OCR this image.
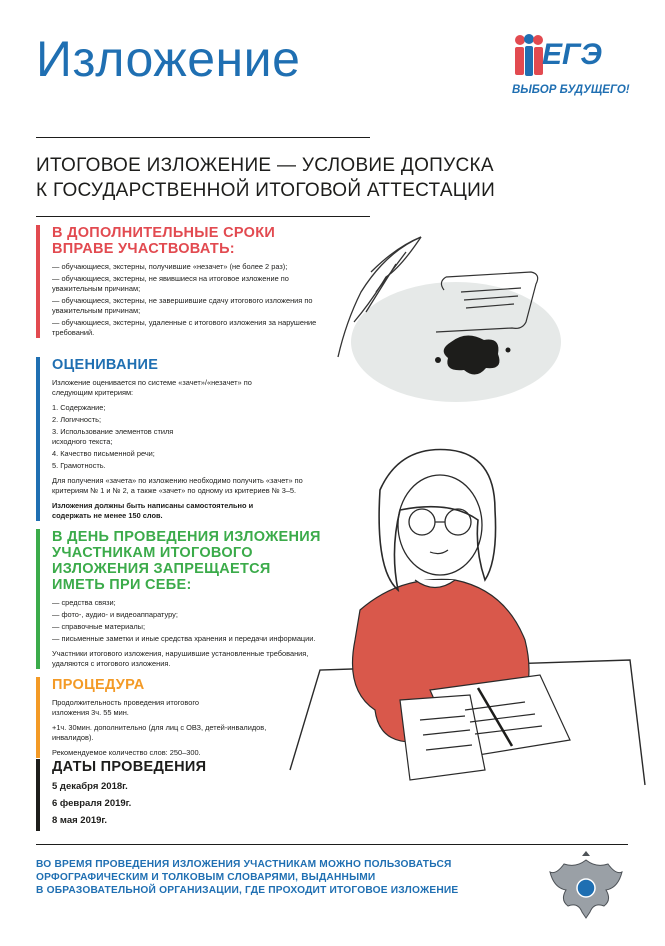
Изложение	ЕГЭ
ВЫБОР БУДУЩЕГО!
ИТОГОВОЕ ИЗЛОЖЕНИЕ — УСЛОВИЕ ДОПУСКА
К ГОСУДАРСТВЕННОЙ ИТОГОВОЙ АТТЕСТАЦИИ
В ДОПОЛНИТЕЛЬНЫЕ СРОКИ ВПРАВЕ УЧАСТВОВАТЬ:
— обучающиеся, экстерны, получившие «незачет» (не более 2 раз);
— обучающиеся, экстерны, не явившиеся на итоговое изложение по уважительным причинам;
— обучающиеся, экстерны, не завершившие сдачу итогового изложения по уважительным причинам;
— обучающиеся, экстерны, удаленные с итогового изложения за нарушение требований.
ОЦЕНИВАНИЕ
Изложение оценивается по системе «зачет»/«незачет» по следующим критериям:
1. Содержание;
2. Логичность;
3. Использование элементов стиля исходного текста;
4. Качество письменной речи;
5. Грамотность.
Для получения «зачета» по изложению необходимо получить «зачет» по критериям № 1 и № 2, а также «зачет» по одному из критериев № 3–5.
Изложения должны быть написаны самостоятельно и содержать не менее 150 слов.
В ДЕНЬ ПРОВЕДЕНИЯ ИЗЛОЖЕНИЯ УЧАСТНИКАМ ИТОГОВОГО ИЗЛОЖЕНИЯ ЗАПРЕЩАЕТСЯ ИМЕТЬ ПРИ СЕБЕ:
— средства связи;
— фото-, аудио- и видеоаппаратуру;
— справочные материалы;
— письменные заметки и иные средства хранения и передачи информации.
Участники итогового изложения, нарушившие установленные требования, удаляются с итогового изложения.
ПРОЦЕДУРА
Продолжительность проведения итогового изложения 3ч. 55 мин.
+1ч. 30мин. дополнительно (для лиц с ОВЗ, детей-инвалидов, инвалидов).
Рекомендуемое количество слов: 250–300.
ДАТЫ ПРОВЕДЕНИЯ
5 декабря 2018г.
6 февраля 2019г.
8 мая 2019г.
ВО ВРЕМЯ ПРОВЕДЕНИЯ ИЗЛОЖЕНИЯ УЧАСТНИКАМ МОЖНО ПОЛЬЗОВАТЬСЯ
ОРФОГРАФИЧЕСКИМ И ТОЛКОВЫМ СЛОВАРЯМИ, ВЫДАННЫМИ
В ОБРАЗОВАТЕЛЬНОЙ ОРГАНИЗАЦИИ, ГДЕ ПРОХОДИТ ИТОГОВОЕ ИЗЛОЖЕНИЕ
